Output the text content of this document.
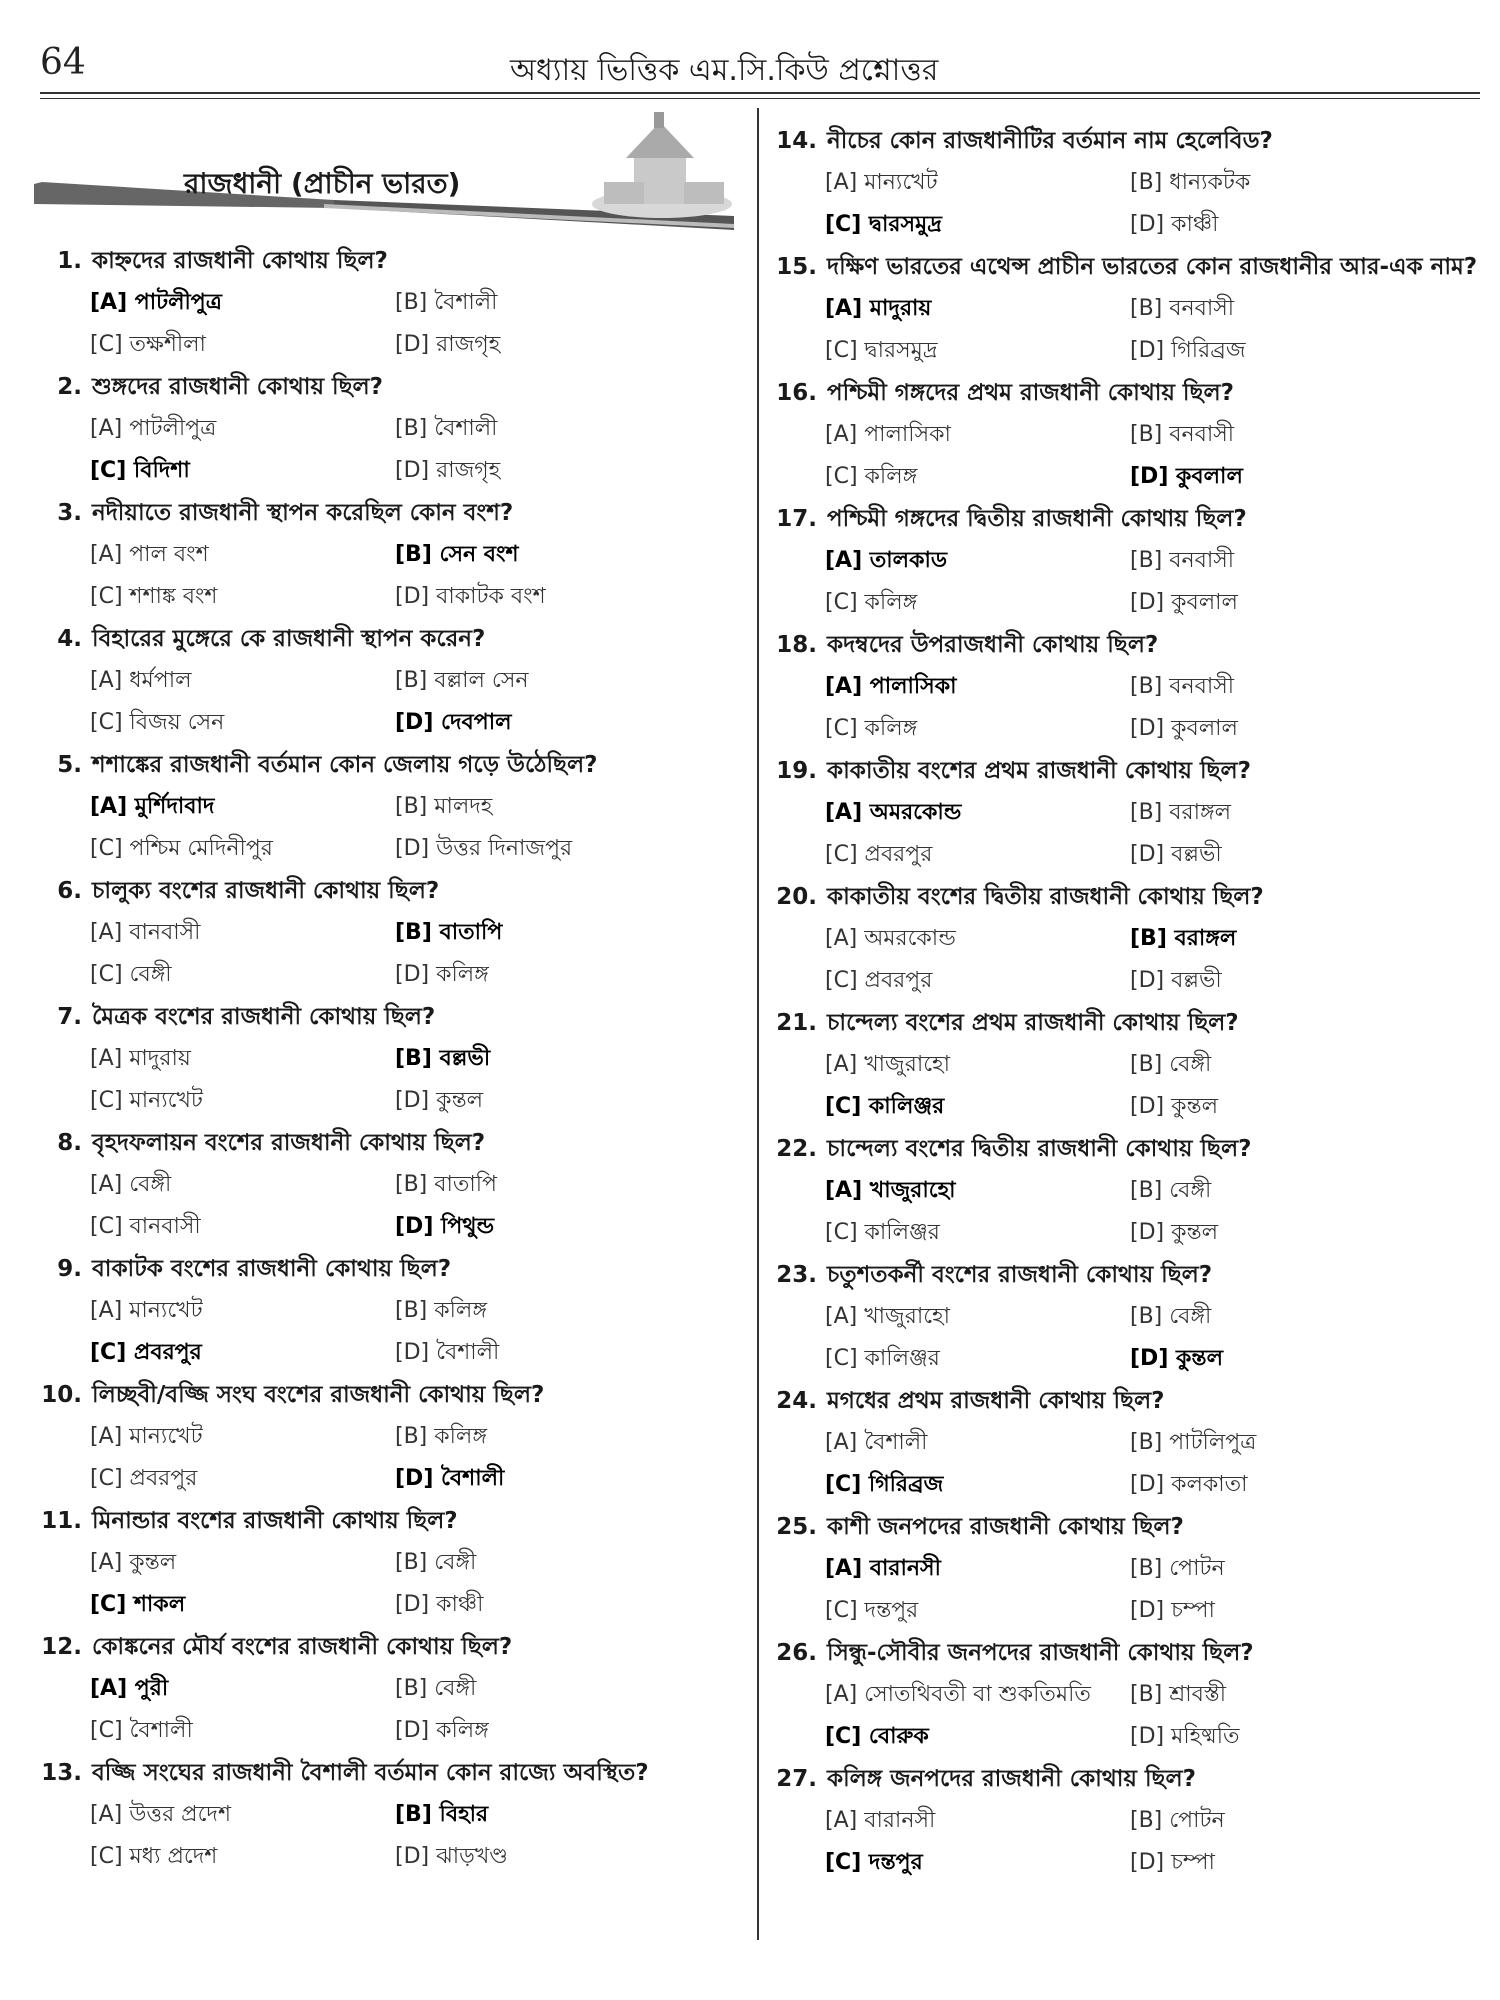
64	অধ্যায় ভিত্তিক এম.সি.কিউ প্রশ্নোত্তর
রাজধানী (প্রাচীন ভারত)
1. কাহ্নদের রাজধানী কোথায় ছিল?
[A] পাটলীপুত্র	[B] বৈশালী
[C] তক্ষশীলা	[D] রাজগৃহ
2. শুঙ্গদের রাজধানী কোথায় ছিল?
[A] পাটলীপুত্র	[B] বৈশালী
[C] বিদিশা	[D] রাজগৃহ
3. নদীয়াতে রাজধানী স্থাপন করেছিল কোন বংশ?
[A] পাল বংশ	[B] সেন বংশ
[C] শশাঙ্ক বংশ	[D] বাকাটক বংশ
4. বিহারের মুঙ্গেরে কে রাজধানী স্থাপন করেন?
[A] ধর্মপাল	[B] বল্লাল সেন
[C] বিজয় সেন	[D] দেবপাল
5. শশাঙ্কের রাজধানী বর্তমান কোন জেলায় গড়ে উঠেছিল?
[A] মুর্শিদাবাদ	[B] মালদহ
[C] পশ্চিম মেদিনীপুর	[D] উত্তর দিনাজপুর
6. চালুক্য বংশের রাজধানী কোথায় ছিল?
[A] বানবাসী	[B] বাতাপি
[C] বেঙ্গী	[D] কলিঙ্গ
7. মৈত্রক বংশের রাজধানী কোথায় ছিল?
[A] মাদুরায়	[B] বল্লভী
[C] মান্যখেট	[D] কুন্তল
8. বৃহদফলায়ন বংশের রাজধানী কোথায় ছিল?
[A] বেঙ্গী	[B] বাতাপি
[C] বানবাসী	[D] পিথুন্ড
9. বাকাটক বংশের রাজধানী কোথায় ছিল?
[A] মান্যখেট	[B] কলিঙ্গ
[C] প্রবরপুর	[D] বৈশালী
10. লিচ্ছবী/বজ্জি সংঘ বংশের রাজধানী কোথায় ছিল?
[A] মান্যখেট	[B] কলিঙ্গ
[C] প্রবরপুর	[D] বৈশালী
11. মিনান্ডার বংশের রাজধানী কোথায় ছিল?
[A] কুন্তল	[B] বেঙ্গী
[C] শাকল	[D] কাঞ্চী
12. কোঙ্কনের মৌর্য বংশের রাজধানী কোথায় ছিল?
[A] পুরী	[B] বেঙ্গী
[C] বৈশালী	[D] কলিঙ্গ
13. বজ্জি সংঘের রাজধানী বৈশালী বর্তমান কোন রাজ্যে অবস্থিত?
[A] উত্তর প্রদেশ	[B] বিহার
[C] মধ্য প্রদেশ	[D] ঝাড়খণ্ড
14. নীচের কোন রাজধানীটির বর্তমান নাম হেলেবিড?
[A] মান্যখেট	[B] ধান্যকটক
[C] দ্বারসমুদ্র	[D] কাঞ্চী
15. দক্ষিণ ভারতের এথেন্স প্রাচীন ভারতের কোন রাজধানীর আর-এক নাম?
[A] মাদুরায়	[B] বনবাসী
[C] দ্বারসমুদ্র	[D] গিরিব্রজ
16. পশ্চিমী গঙ্গদের প্রথম রাজধানী কোথায় ছিল?
[A] পালাসিকা	[B] বনবাসী
[C] কলিঙ্গ	[D] কুবলাল
17. পশ্চিমী গঙ্গদের দ্বিতীয় রাজধানী কোথায় ছিল?
[A] তালকাড	[B] বনবাসী
[C] কলিঙ্গ	[D] কুবলাল
18. কদম্বদের উপরাজধানী কোথায় ছিল?
[A] পালাসিকা	[B] বনবাসী
[C] কলিঙ্গ	[D] কুবলাল
19. কাকাতীয় বংশের প্রথম রাজধানী কোথায় ছিল?
[A] অমরকোন্ড	[B] বরাঙ্গল
[C] প্রবরপুর	[D] বল্লভী
20. কাকাতীয় বংশের দ্বিতীয় রাজধানী কোথায় ছিল?
[A] অমরকোন্ড	[B] বরাঙ্গল
[C] প্রবরপুর	[D] বল্লভী
21. চান্দেল্য বংশের প্রথম রাজধানী কোথায় ছিল?
[A] খাজুরাহো	[B] বেঙ্গী
[C] কালিঞ্জর	[D] কুন্তল
22. চান্দেল্য বংশের দ্বিতীয় রাজধানী কোথায় ছিল?
[A] খাজুরাহো	[B] বেঙ্গী
[C] কালিঞ্জর	[D] কুন্তল
23. চতুশতকর্নী বংশের রাজধানী কোথায় ছিল?
[A] খাজুরাহো	[B] বেঙ্গী
[C] কালিঞ্জর	[D] কুন্তল
24. মগধের প্রথম রাজধানী কোথায় ছিল?
[A] বৈশালী	[B] পাটলিপুত্র
[C] গিরিব্রজ	[D] কলকাতা
25. কাশী জনপদের রাজধানী কোথায় ছিল?
[A] বারানসী	[B] পোটন
[C] দন্তপুর	[D] চম্পা
26. সিন্ধু-সৌবীর জনপদের রাজধানী কোথায় ছিল?
[A] সোতথিবতী বা শুকতিমতি	[B] শ্রাবস্তী
[C] বোরুক	[D] মহিষ্মতি
27. কলিঙ্গ জনপদের রাজধানী কোথায় ছিল?
[A] বারানসী	[B] পোটন
[C] দন্তপুর	[D] চম্পা
